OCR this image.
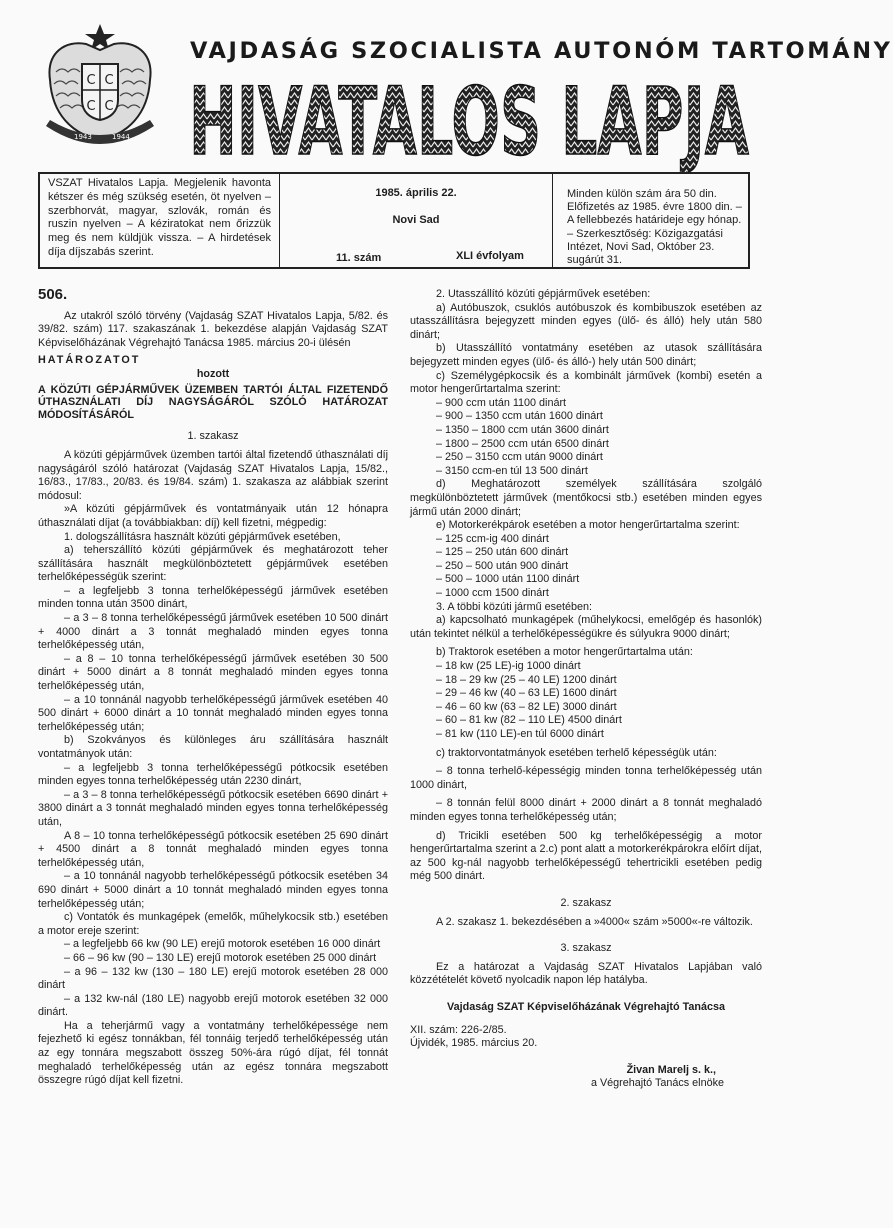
C C
C C
1943	1944
VAJDASÁG SZOCIALISTA AUTONÓM TARTOMÁNY
HIVATALOS LAPJA
VSZAT Hivatalos Lapja. Megjelenik havonta kétszer és még szükség esetén, öt nyelven – szerbhorvát, magyar, szlovák, román és ruszin nyelven – A kéziratokat nem őrizzük meg és nem küldjük vissza. – A hirdetések díja díjszabás szerint.
1985. április 22.
Novi Sad
11. szám	XLI évfolyam
Minden külön szám ára 50 din. Előfizetés az 1985. évre 1800 din. – A fellebbezés határideje egy hónap. – Szerkesztőség: Közigazgatási Intézet, Novi Sad, Október 23. sugárút 31.

506.

Az utakról szóló törvény (Vajdaság SZAT Hivatalos Lapja, 5/82. és 39/82. szám) 117. szakaszának 1. bekezdése alapján Vajdaság SZAT Képviselőházának Végrehajtó Tanácsa 1985. március 20-i ülésén

HATÁROZATOT

hozott

A KÖZÚTI GÉPJÁRMŰVEK ÜZEMBEN TARTÓI ÁLTAL FIZETENDŐ ÚTHASZNÁLATI DÍJ NAGYSÁGÁRÓL SZÓLÓ HATÁROZAT MÓDOSÍTÁSÁRÓL

1. szakasz

A közúti gépjárművek üzemben tartói által fizetendő úthasználati díj nagyságáról szóló határozat (Vajdaság SZAT Hivatalos Lapja, 15/82., 16/83., 17/83., 20/83. és 19/84. szám) 1. szakasza az alábbiak szerint módosul:

»A közúti gépjárművek és vontatmányaik után 12 hónapra úthasználati díjat (a továbbiakban: díj) kell fizetni, mégpedig:

1. dologszállításra használt közúti gépjárművek esetében,

a) teherszállító közúti gépjárművek és meghatározott teher szállítására használt megkülönböztetett gépjárművek esetében terhelőképességük szerint:

– a legfeljebb 3 tonna terhelőképességű járművek esetében minden tonna után 3500 dinárt,

– a 3 – 8 tonna terhelőképességű járművek esetében 10 500 dinárt + 4000 dinárt a 3 tonnát meghaladó minden egyes tonna terhelőképesség után,

– a 8 – 10 tonna terhelőképességű járművek esetében 30 500 dinárt + 5000 dinárt a 8 tonnát meghaladó minden egyes tonna terhelőképesség után,

– a 10 tonnánál nagyobb terhelőképességű járművek esetében 40 500 dinárt + 6000 dinárt a 10 tonnát meghaladó minden egyes tonna terhelőképesség után;

b) Szokványos és különleges áru szállítására használt vontatmányok után:

– a legfeljebb 3 tonna terhelőképességű pótkocsik esetében minden egyes tonna terhelőképesség után 2230 dinárt,

– a 3 – 8 tonna terhelőképességű pótkocsik esetében 6690 dinárt + 3800 dinárt a 3 tonnát meghaladó minden egyes tonna terhelőképesség után,

A 8 – 10 tonna terhelőképességű pótkocsik esetében 25 690 dinárt + 4500 dinárt a 8 tonnát meghaladó minden egyes tonna terhelőképesség után,

– a 10 tonnánál nagyobb terhelőképességű pótkocsik esetében 34 690 dinárt + 5000 dinárt a 10 tonnát meghaladó minden egyes tonna terhelőképesség után;

c) Vontatók és munkagépek (emelők, műhelykocsik stb.) esetében a motor ereje szerint:

– a legfeljebb 66 kw (90 LE) erejű motorok esetében 16 000 dinárt

– 66 – 96 kw (90 – 130 LE) erejű motorok esetében 25 000 dinárt

– a 96 – 132 kw (130 – 180 LE) erejű motorok esetében 28 000 dinárt

– a 132 kw-nál (180 LE) nagyobb erejű motorok esetében 32 000 dinárt.

Ha a teherjármű vagy a vontatmány terhelőképessége nem fejezhető ki egész tonnákban, fél tonnáig terjedő terhelőképesség után az egy tonnára megszabott összeg 50%-ára rúgó díjat, fél tonnát meghaladó terhelőképesség után az egész tonnára megszabott összegre rúgó díjat kell fizetni.

2. Utasszállító közúti gépjárművek esetében:

a) Autóbuszok, csuklós autóbuszok és kombibuszok esetében az utasszállításra bejegyzett minden egyes (ülő- és álló) hely után 580 dinárt;

b) Utasszállító vontatmány esetében az utasok szállítására bejegyzett minden egyes (ülő- és álló-) hely után 500 dinárt;

c) Személygépkocsik és a kombinált járművek (kombi) esetén a motor hengerűrtartalma szerint:

– 900 ccm után 1100 dinárt

– 900 – 1350 ccm után 1600 dinárt

– 1350 – 1800 ccm után 3600 dinárt

– 1800 – 2500 ccm után 6500 dinárt

– 250 – 3150 ccm után 9000 dinárt

– 3150 ccm-en túl 13 500 dinárt

d) Meghatározott személyek szállítására szolgáló megkülönböztetett járművek (mentőkocsi stb.) esetében minden egyes jármű után 2000 dinárt;

e) Motorkerékpárok esetében a motor hengerűrtartalma szerint:

– 125 ccm-ig 400 dinárt

– 125 – 250 után 600 dinárt

– 250 – 500 után 900 dinárt

– 500 – 1000 után 1100 dinárt

– 1000 ccm 1500 dinárt

3. A többi közúti jármű esetében:

a) kapcsolható munkagépek (műhelykocsi, emelőgép és hasonlók) után tekintet nélkül a terhelőképességükre és súlyukra 9000 dinárt;

b) Traktorok esetében a motor hengerűrtartalma után:

– 18 kw (25 LE)-ig 1000 dinárt

– 18 – 29 kw (25 – 40 LE) 1200 dinárt

– 29 – 46 kw (40 – 63 LE) 1600 dinárt

– 46 – 60 kw (63 – 82 LE) 3000 dinárt

– 60 – 81 kw (82 – 110 LE) 4500 dinárt

– 81 kw (110 LE)-en túl 6000 dinárt

c) traktorvontatmányok esetében terhelő képességük után:

– 8 tonna terhelő-képességig minden tonna terhelőképesség után 1000 dinárt,

– 8 tonnán felül 8000 dinárt + 2000 dinárt a 8 tonnát meghaladó minden egyes tonna terhelőképesség után;

d) Tricikli esetében 500 kg terhelőképességig a motor hengerűrtartalma szerint a 2.c) pont alatt a motorkerékpárokra előírt díjat, az 500 kg-nál nagyobb terhelőképességű tehertricikli esetében pedig még 500 dinárt.

2. szakasz

A 2. szakasz 1. bekezdésében a »4000« szám »5000«-re változik.

3. szakasz

Ez a határozat a Vajdaság SZAT Hivatalos Lapjában való közzétételét követő nyolcadik napon lép hatályba.

Vajdaság SZAT Képviselőházának Végrehajtó Tanácsa

XII. szám: 226-2/85.

Újvidék, 1985. március 20.

Živan Marelj s. k.,

a Végrehajtó Tanács elnöke
